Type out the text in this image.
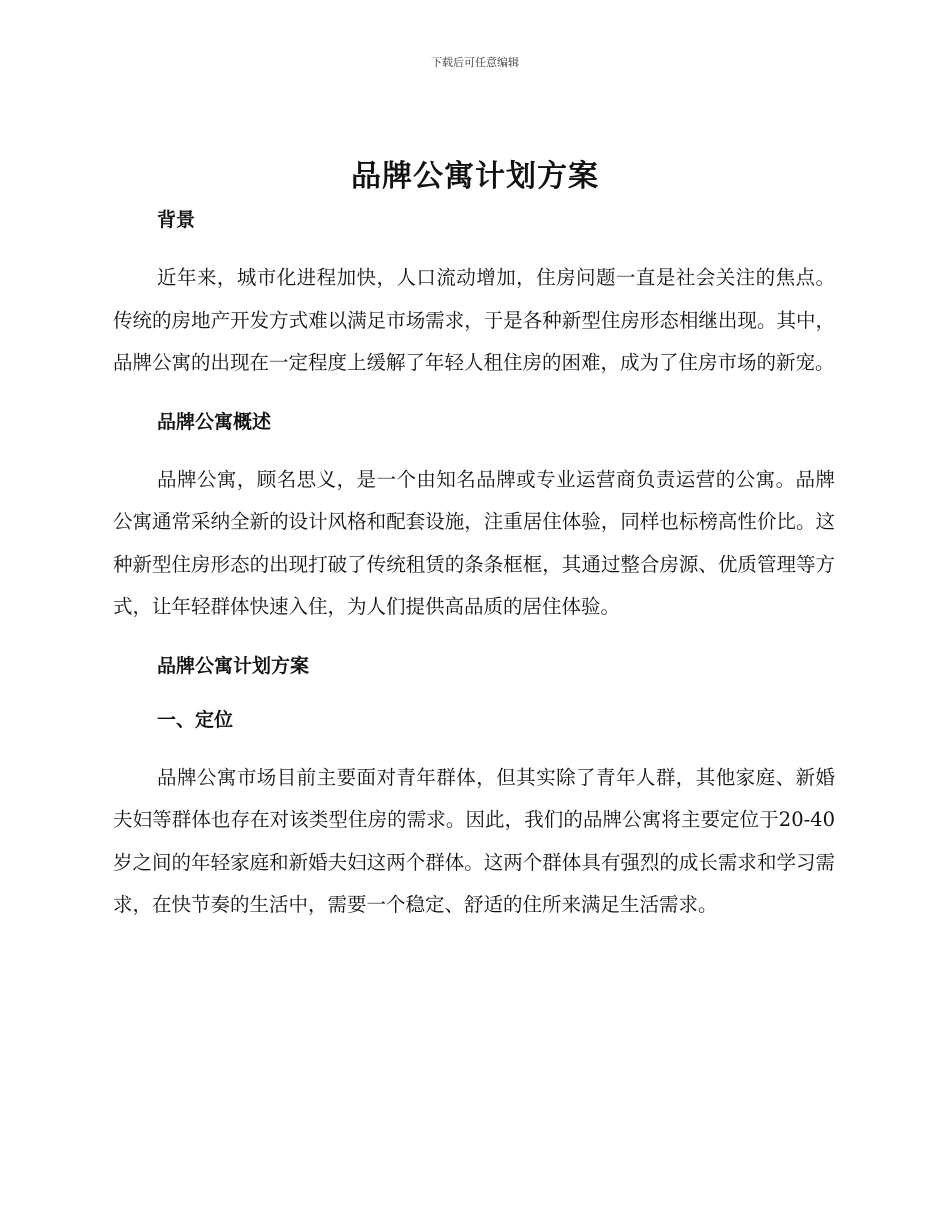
下载后可任意编辑
品牌公寓计划方案
背景

近年来，城市化进程加快，人口流动增加，住房问题一直是社会关注的焦点。传统的房地产开发方式难以满足市场需求，于是各种新型住房形态相继出现。其中，品牌公寓的出现在一定程度上缓解了年轻人租住房的困难，成为了住房市场的新宠。

品牌公寓概述

品牌公寓，顾名思义，是一个由知名品牌或专业运营商负责运营的公寓。品牌公寓通常采纳全新的设计风格和配套设施，注重居住体验，同样也标榜高性价比。这种新型住房形态的出现打破了传统租赁的条条框框，其通过整合房源、优质管理等方式，让年轻群体快速入住，为人们提供高品质的居住体验。

品牌公寓计划方案
一、定位

品牌公寓市场目前主要面对青年群体，但其实除了青年人群，其他家庭、新婚夫妇等群体也存在对该类型住房的需求。因此，我们的品牌公寓将主要定位于20-40岁之间的年轻家庭和新婚夫妇这两个群体。这两个群体具有强烈的成长需求和学习需求，在快节奏的生活中，需要一个稳定、舒适的住所来满足生活需求。
